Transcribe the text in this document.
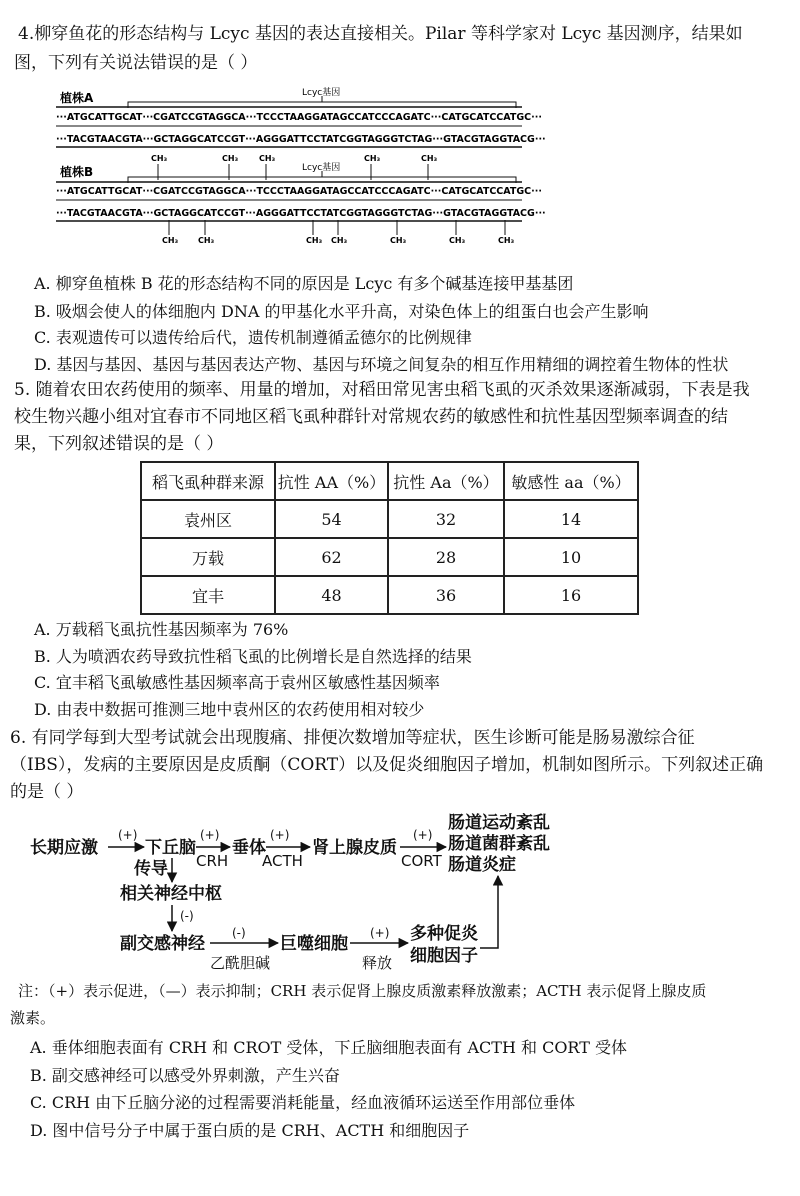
4.柳穿鱼花的形态结构与 Lcyc 基因的表达直接相关。Pilar 等科学家对 Lcyc 基因测序，结果如
图，下列有关说法错误的是（ ）
植株A	Lcyc基因
···ATGCATTGCAT···CGATCCGTAGGCA···TCCCTAAGGATAGCCATCCCAGATC···CATGCATCCATGC···
···TACGTAACGTA···GCTAGGCATCCGT···AGGGATTCCTATCGGTAGGGTCTAG···GTACGTAGGTACG···
CH₃	CH₃	CH₃	CH₃	CH₃
植株B	Lcyc基因
···ATGCATTGCAT···CGATCCGTAGGCA···TCCCTAAGGATAGCCATCCCAGATC···CATGCATCCATGC···
···TACGTAACGTA···GCTAGGCATCCGT···AGGGATTCCTATCGGTAGGGTCTAG···GTACGTAGGTACG···
CH₃ CH₃	CH₃ CH₃	CH₃	CH₃	CH₃
A. 柳穿鱼植株 B 花的形态结构不同的原因是 Lcyc 有多个碱基连接甲基基团
B. 吸烟会使人的体细胞内 DNA 的甲基化水平升高，对染色体上的组蛋白也会产生影响
C. 表观遗传可以遗传给后代，遗传机制遵循孟德尔的比例规律
D. 基因与基因、基因与基因表达产物、基因与环境之间复杂的相互作用精细的调控着生物体的性状
5. 随着农田农药使用的频率、用量的增加，对稻田常见害虫稻飞虱的灭杀效果逐渐减弱，下表是我
校生物兴趣小组对宜春市不同地区稻飞虱种群针对常规农药的敏感性和抗性基因型频率调查的结
果，下列叙述错误的是（ ）
稻飞虱种群来源	抗性 AA（%）	抗性 Aa（%）	敏感性 aa（%）
袁州区	54	32	14
万载	62	28	10
宜丰	48	36	16
A. 万载稻飞虱抗性基因频率为 76%
B. 人为喷洒农药导致抗性稻飞虱的比例增长是自然选择的结果
C. 宜丰稻飞虱敏感性基因频率高于袁州区敏感性基因频率
D. 由表中数据可推测三地中袁州区的农药使用相对较少
6. 有同学每到大型考试就会出现腹痛、排便次数增加等症状，医生诊断可能是肠易激综合征
（IBS），发病的主要原因是皮质酮（CORT）以及促炎细胞因子增加，机制如图所示。下列叙述正确
的是（ ）
长期应激	下丘脑 垂体	肾上腺皮质
肠道运动紊乱
肠道菌群紊乱
肠道炎症
传导
相关神经中枢
副交感神经	巨噬细胞	多种促炎
细胞因子
CRH ACTH	CORT
乙酰胆碱	释放
(+)	(+)	(+)	(+)
(-)
(-)	(+)
注：（+）表示促进，（—）表示抑制；CRH 表示促肾上腺皮质激素释放激素；ACTH 表示促肾上腺皮质
激素。
A. 垂体细胞表面有 CRH 和 CROT 受体，下丘脑细胞表面有 ACTH 和 CORT 受体
B. 副交感神经可以感受外界刺激，产生兴奋
C. CRH 由下丘脑分泌的过程需要消耗能量，经血液循环运送至作用部位垂体
D. 图中信号分子中属于蛋白质的是 CRH、ACTH 和细胞因子
